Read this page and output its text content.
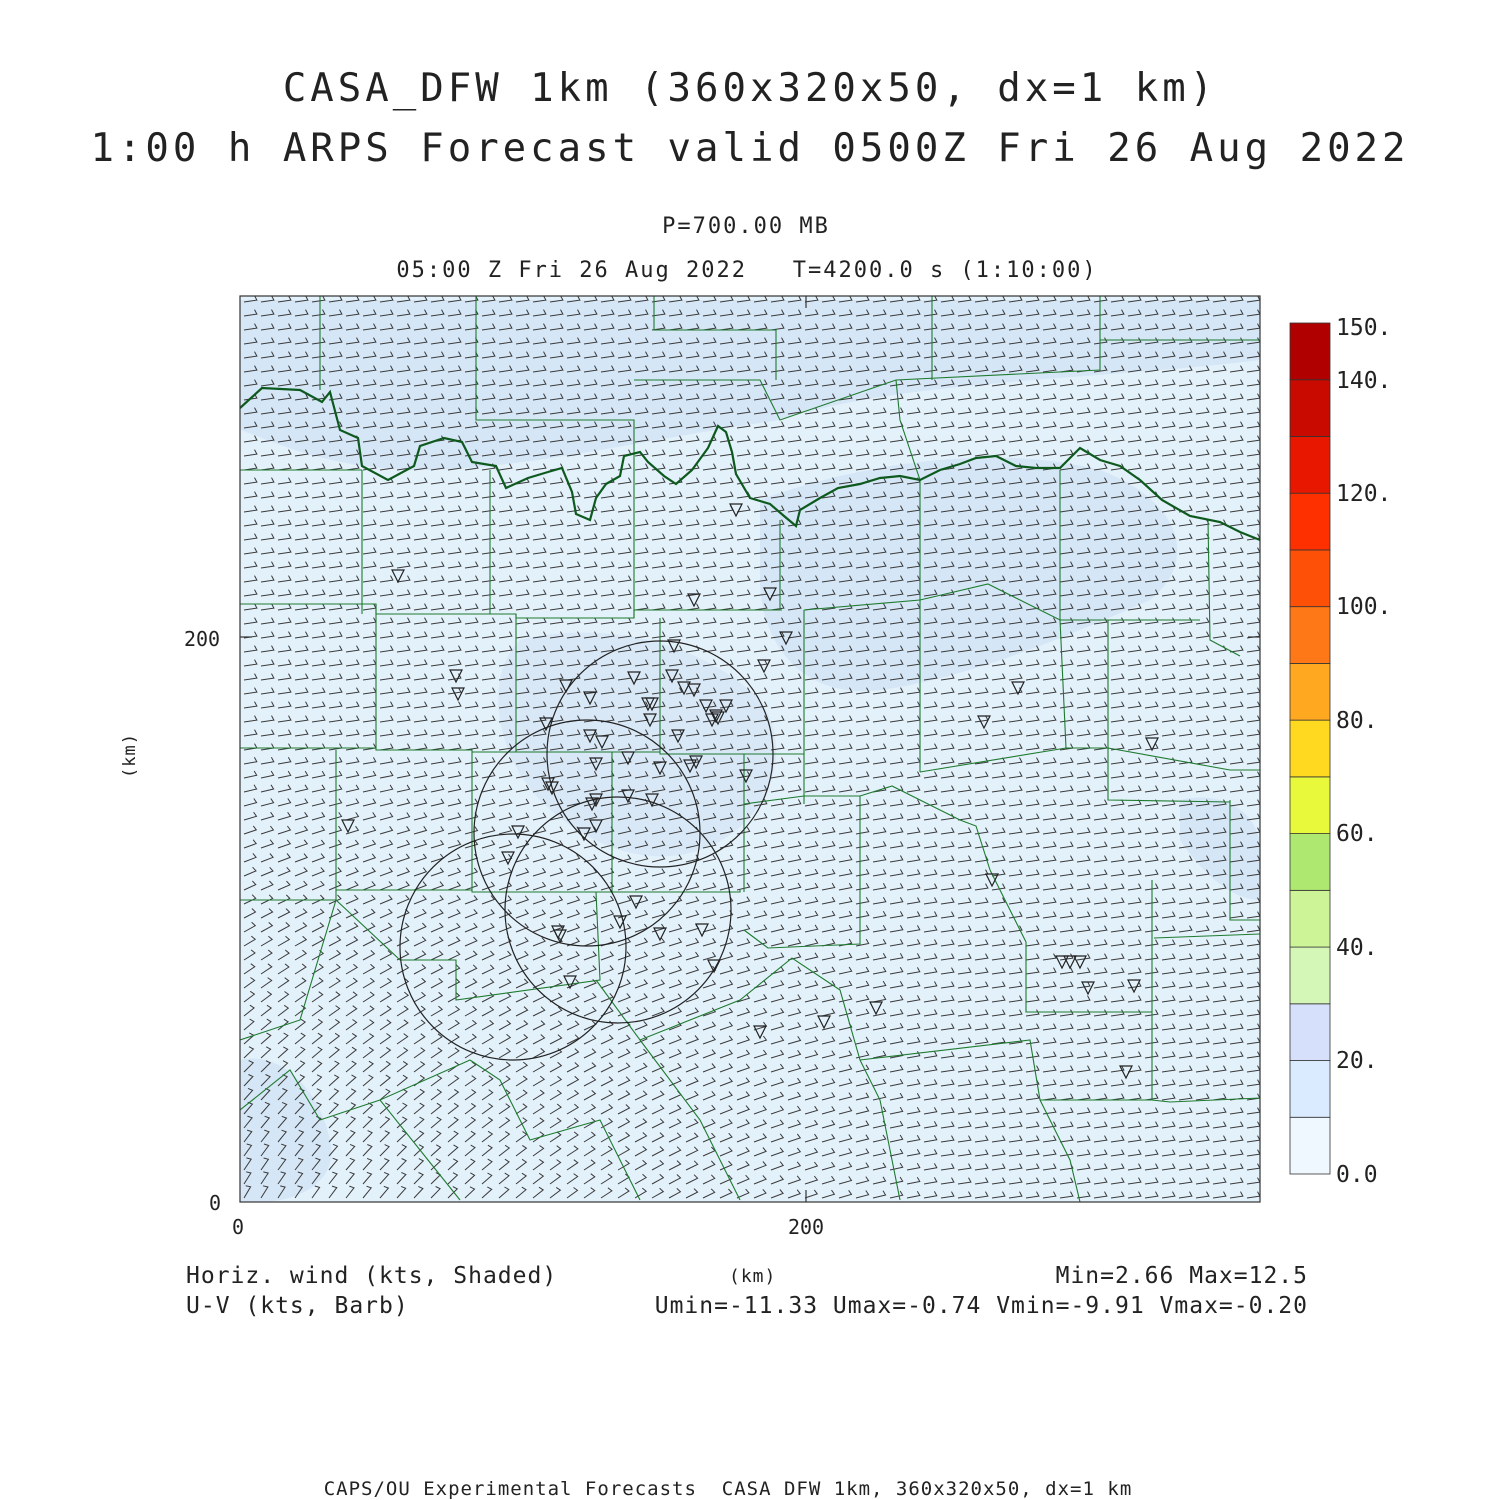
CASA_DFW 1km (360x320x50, dx=1 km)
1:00 h ARPS Forecast valid 0500Z Fri 26 Aug 2022
P=700.00 MB
05:00 Z Fri 26 Aug 2022   T=4200.0 s (1:10:00)
200
0
0	200
150.
140.
120.
100.
80.
60.
40.
20.
0.0
(km)
(km)
Horiz. wind (kts, Shaded)
U-V (kts, Barb)
Min=2.66 Max=12.5
Umin=-11.33 Umax=-0.74 Vmin=-9.91 Vmax=-0.20
CAPS/OU Experimental Forecasts  CASA DFW 1km, 360x320x50, dx=1 km
